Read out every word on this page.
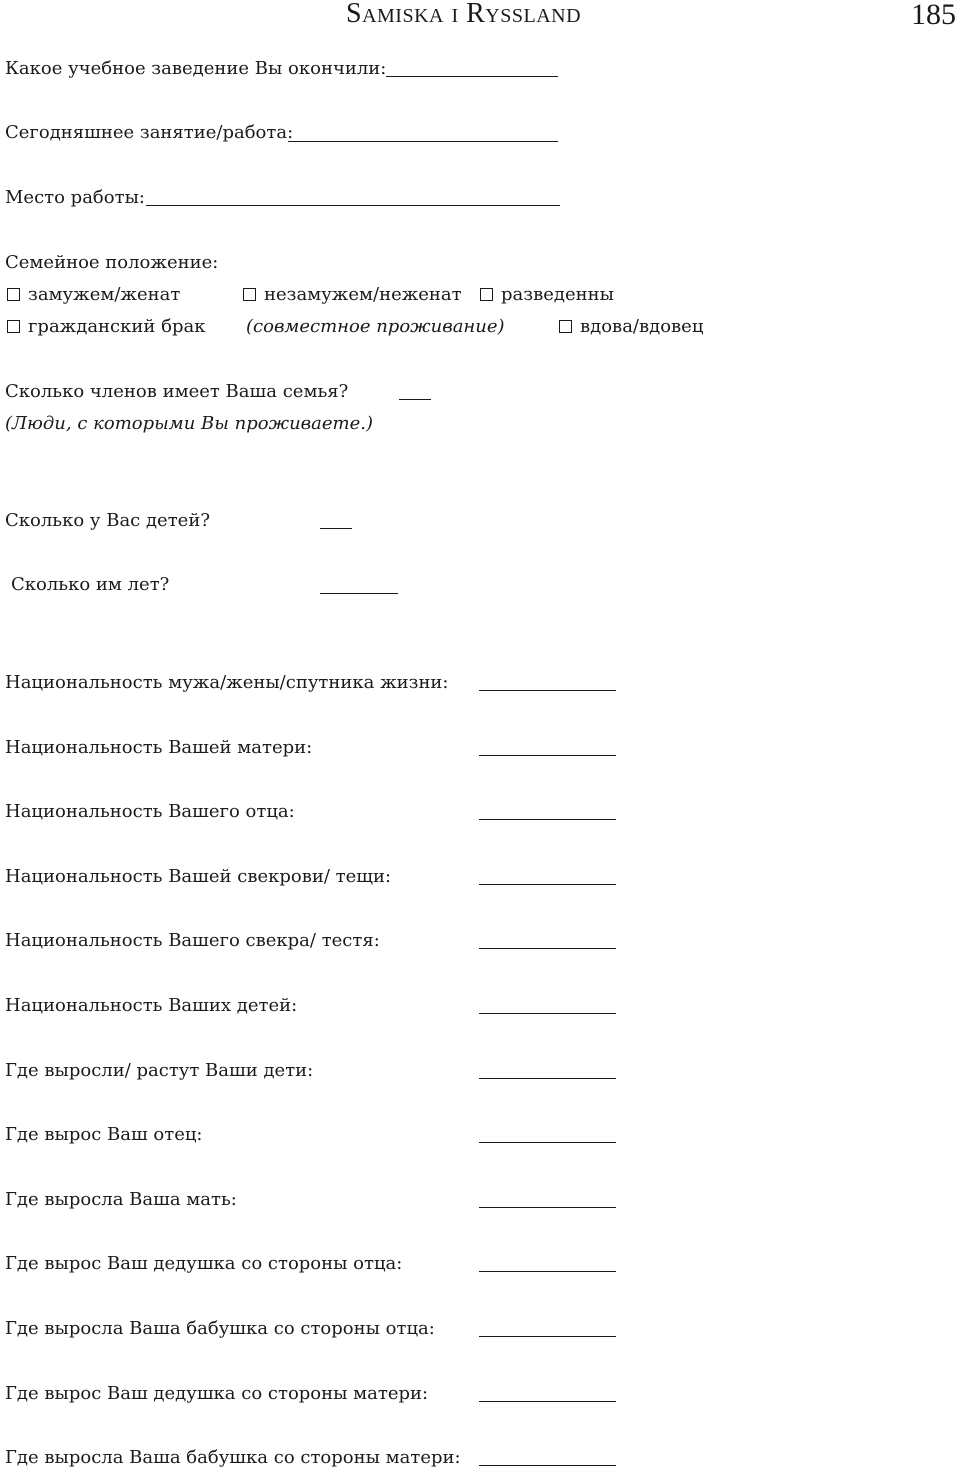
Samiska i Ryssland	185
Какое учебное заведение Вы окончили:
Сегодняшнее занятие/работа:
Место работы:
Семейное положение:
замужем/женат	незамужем/неженат	разведенны
гражданский брак (совместное проживание)	вдова/вдовец
Сколько членов имеет Ваша семья?
(Люди, с которыми Вы проживаете.)
Сколько у Вас детей?
Сколько им лет?
Национальность мужа/жены/спутника жизни:
Национальность Вашей матери:
Национальность Вашего отца:
Национальность Вашей свекрови/ тещи:
Национальность Вашего свекра/ тестя:
Национальность Ваших детей:
Где выросли/ растут Ваши дети:
Где вырос Ваш отец:
Где выросла Ваша мать:
Где вырос Ваш дедушка со стороны отца:
Где выросла Ваша бабушка со стороны отца:
Где вырос Ваш дедушка со стороны матери:
Где выросла Ваша бабушка со стороны матери:
